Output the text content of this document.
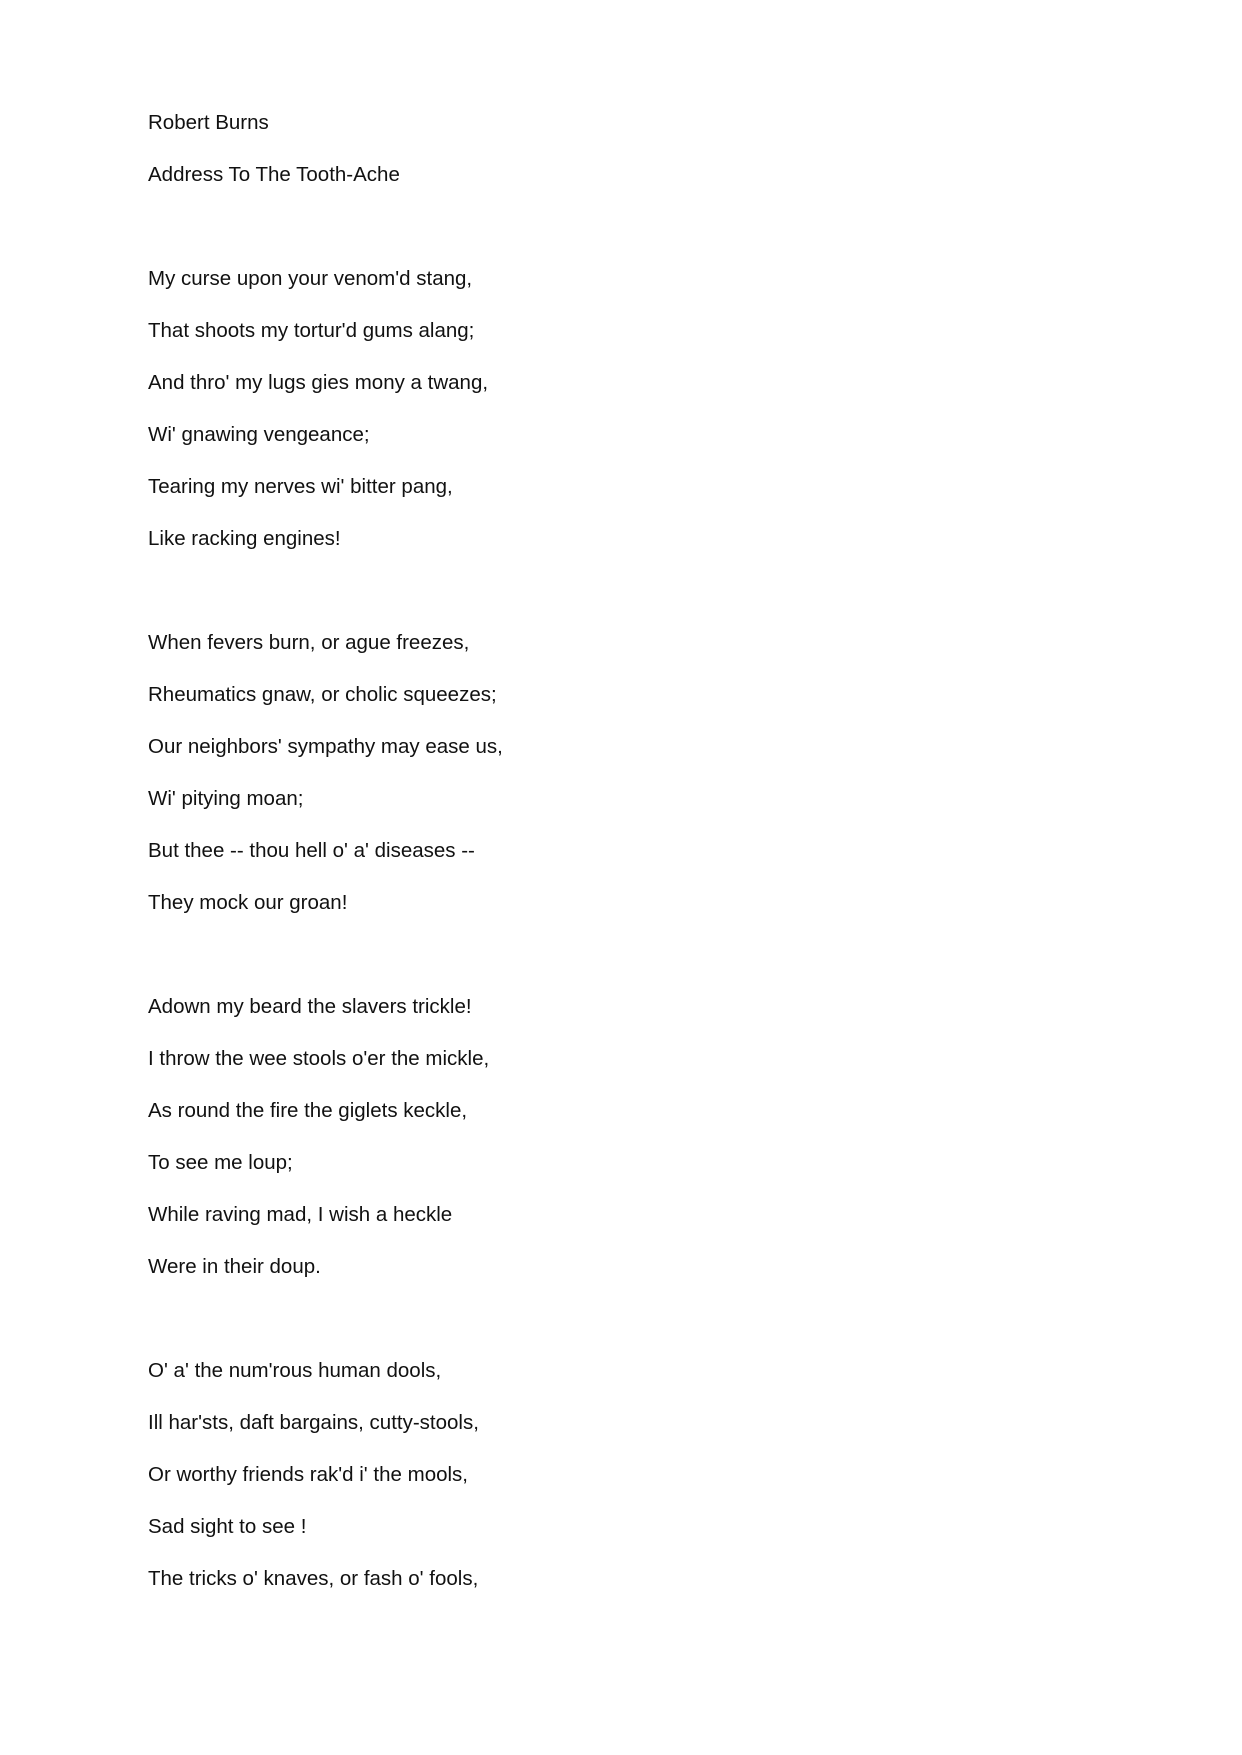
Robert Burns
Address To The Tooth-Ache
My curse upon your venom'd stang,
That shoots my tortur'd gums alang;
And thro' my lugs gies mony a twang,
Wi' gnawing vengeance;
Tearing my nerves wi' bitter pang,
Like racking engines!
When fevers burn, or ague freezes,
Rheumatics gnaw, or cholic squeezes;
Our neighbors' sympathy may ease us,
Wi' pitying moan;
But thee -- thou hell o' a' diseases --
They mock our groan!
Adown my beard the slavers trickle!
I throw the wee stools o'er the mickle,
As round the fire the giglets keckle,
To see me loup;
While raving mad, I wish a heckle
Were in their doup.
O' a' the num'rous human dools,
Ill har'sts, daft bargains, cutty-stools,
Or worthy friends rak'd i' the mools,
Sad sight to see !
The tricks o' knaves, or fash o' fools,
